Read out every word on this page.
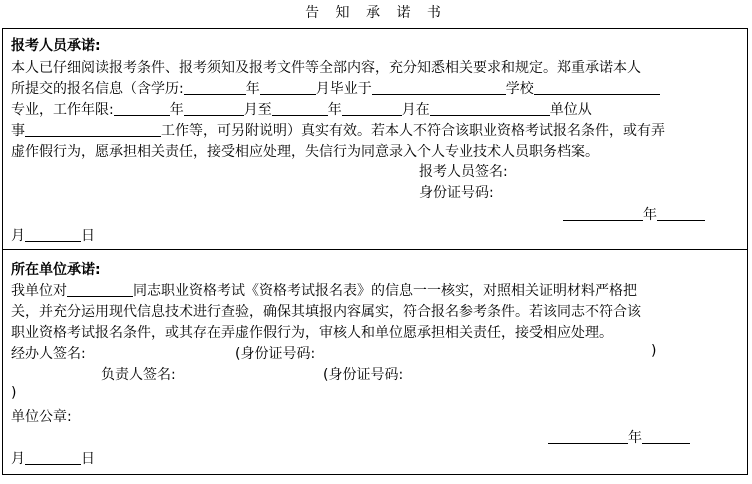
告 知 承 诺 书
报考人员承诺:
本人已仔细阅读报考条件、报考须知及报考文件等全部内容，充分知悉相关要求和规定。郑重承诺本人
所提交的报名信息（含学历:	年	月毕业于	学校
专业，工作年限:	年	月至	年	月在	单位从
事	工作等，可另附说明）真实有效。若本人不符合该职业资格考试报名条件，或有弄
虚作假行为，愿承担相关责任，接受相应处理，失信行为同意录入个人专业技术人员职务档案。
报考人员签名:
身份证号码:
年
月	日
所在单位承诺:
我单位对	同志职业资格考试《资格考试报名表》的信息一一核实，对照相关证明材料严格把
关，并充分运用现代信息技术进行查验，确保其填报内容属实，符合报名参考条件。若该同志不符合该
职业资格考试报名条件，或其存在弄虚作假行为，审核人和单位愿承担相关责任，接受相应处理。
经办人签名:	(身份证号码:	)
负责人签名:	(身份证号码:
)
单位公章:
年
月	日
